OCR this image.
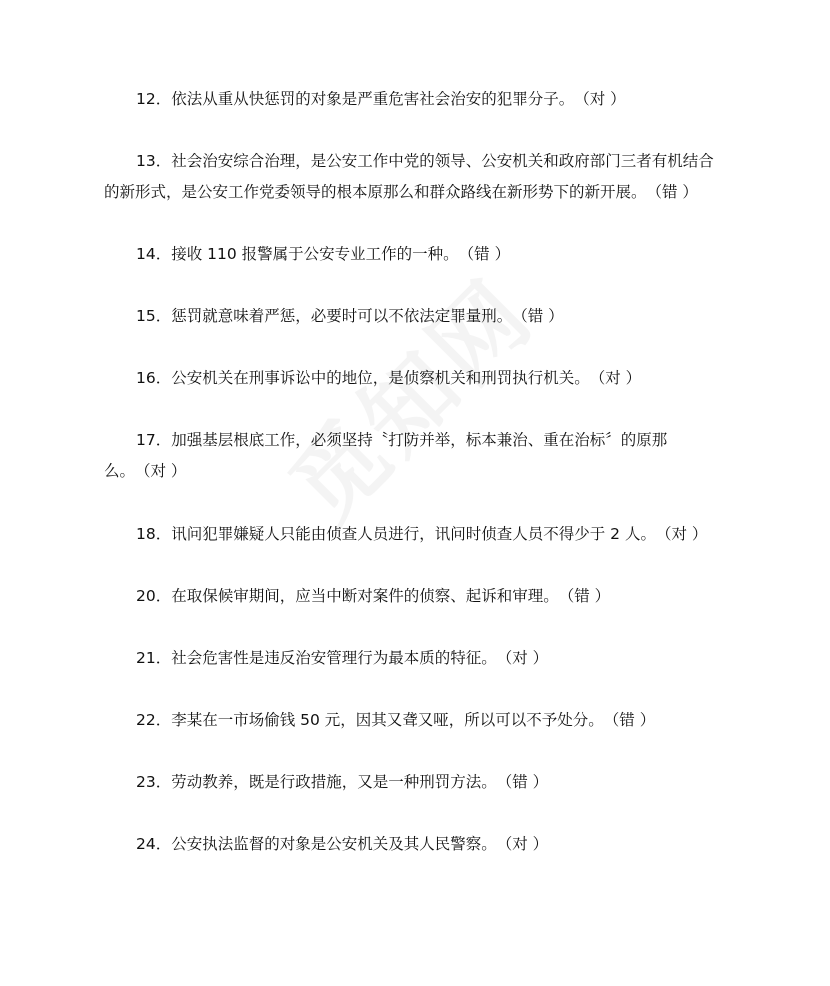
12．依法从重从快惩罚的对象是严重危害社会治安的犯罪分子。　（对 ）
13．社会治安综合治理，是公安工作中党的领导、公安机关和政府部门三者有机结合
的新形式，是公安工作党委领导的根本原那么和群众路线在新形势下的新开展。　（错 ）
14．接收 110 报警属于公安专业工作的一种。　（错 ）
15．惩罚就意味着严惩，必要时可以不依法定罪量刑。　（错 ）
16．公安机关在刑事诉讼中的地位，是侦察机关和刑罚执行机关。　（对 ）
17．加强基层根底工作，必须坚持〝打防并举，标本兼治、重在治标〞的原那
么。　（对 ）
18．讯问犯罪嫌疑人只能由侦查人员进行，讯问时侦查人员不得少于 2 人。　（对 ）
20．在取保候审期间，应当中断对案件的侦察、起诉和审理。　（错 ）
21．社会危害性是违反治安管理行为最本质的特征。　（对 ）
22．李某在一市场偷钱 50 元，因其又聋又哑，所以可以不予处分。　（错 ）
23．劳动教养，既是行政措施，又是一种刑罚方法。　（错 ）
24．公安执法监督的对象是公安机关及其人民警察。　（对 ）
